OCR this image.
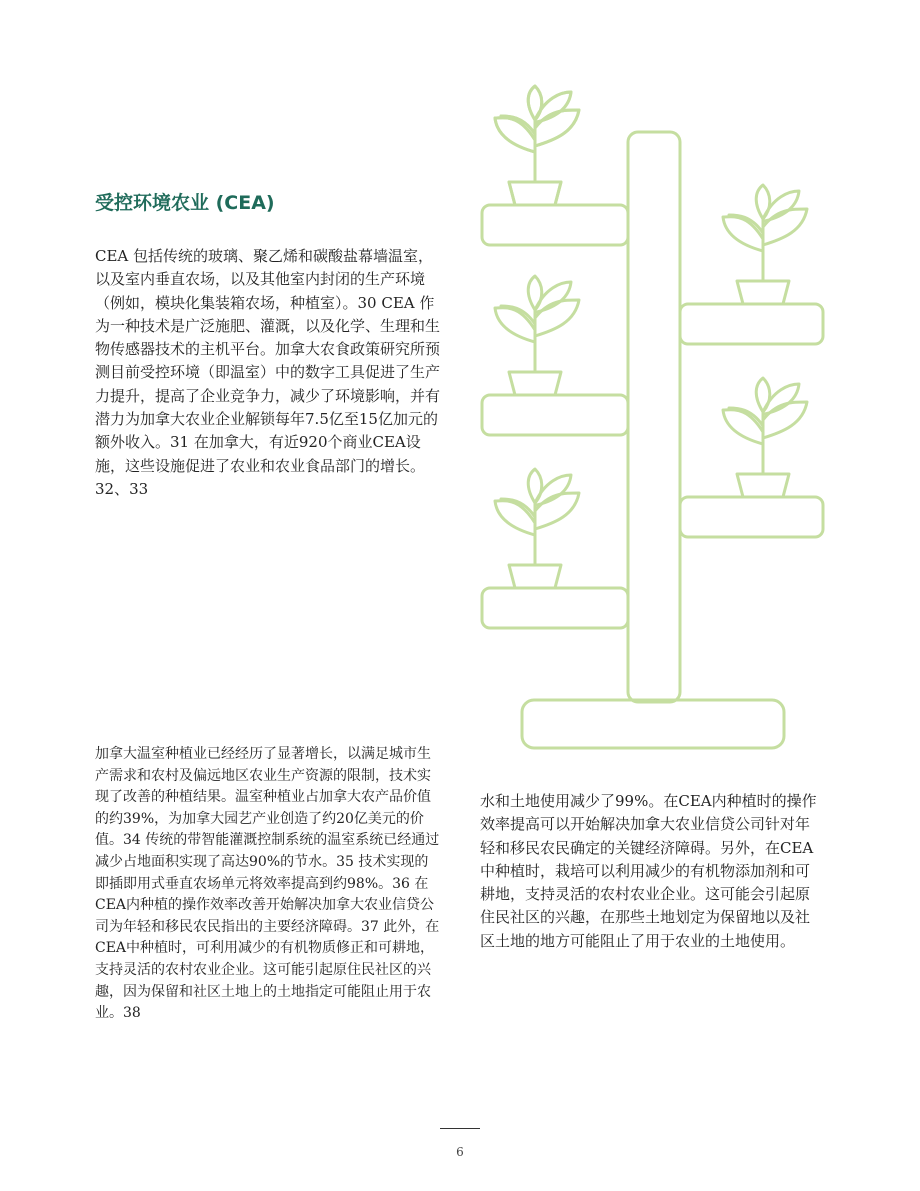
受控环境农业 (CEA)

CEA 包括传统的玻璃、聚乙烯和碳酸盐幕墙温室，以及室内垂直农场，以及其他室内封闭的生产环境（例如，模块化集装箱农场，种植室）。30 CEA 作为一种技术是广泛施肥、灌溉，以及化学、生理和生物传感器技术的主机平台。加拿大农食政策研究所预测目前受控环境（即温室）中的数字工具促进了生产力提升，提高了企业竞争力，减少了环境影响，并有潜力为加拿大农业企业解锁每年7.5亿至15亿加元的额外收入。31 在加拿大，有近920个商业CEA设施，这些设施促进了农业和农业食品部门的增长。32、33

加拿大温室种植业已经经历了显著增长，以满足城市生产需求和农村及偏远地区农业生产资源的限制，技术实现了改善的种植结果。温室种植业占加拿大农产品价值的约39%，为加拿大园艺产业创造了约20亿美元的价值。34 传统的带智能灌溉控制系统的温室系统已经通过减少占地面积实现了高达90%的节水。35 技术实现的即插即用式垂直农场单元将效率提高到约98%。36 在CEA内种植的操作效率改善开始解决加拿大农业信贷公司为年轻和移民农民指出的主要经济障碍。37 此外，在CEA中种植时，可利用减少的有机物质修正和可耕地，支持灵活的农村农业企业。这可能引起原住民社区的兴趣，因为保留和社区土地上的土地指定可能阻止用于农业。38

水和土地使用减少了99%。在CEA内种植时的操作效率提高可以开始解决加拿大农业信贷公司针对年轻和移民农民确定的关键经济障碍。另外，在CEA中种植时，栽培可以利用减少的有机物添加剂和可耕地，支持灵活的农村农业企业。这可能会引起原住民社区的兴趣，在那些土地划定为保留地以及社区土地的地方可能阻止了用于农业的土地使用。

6
